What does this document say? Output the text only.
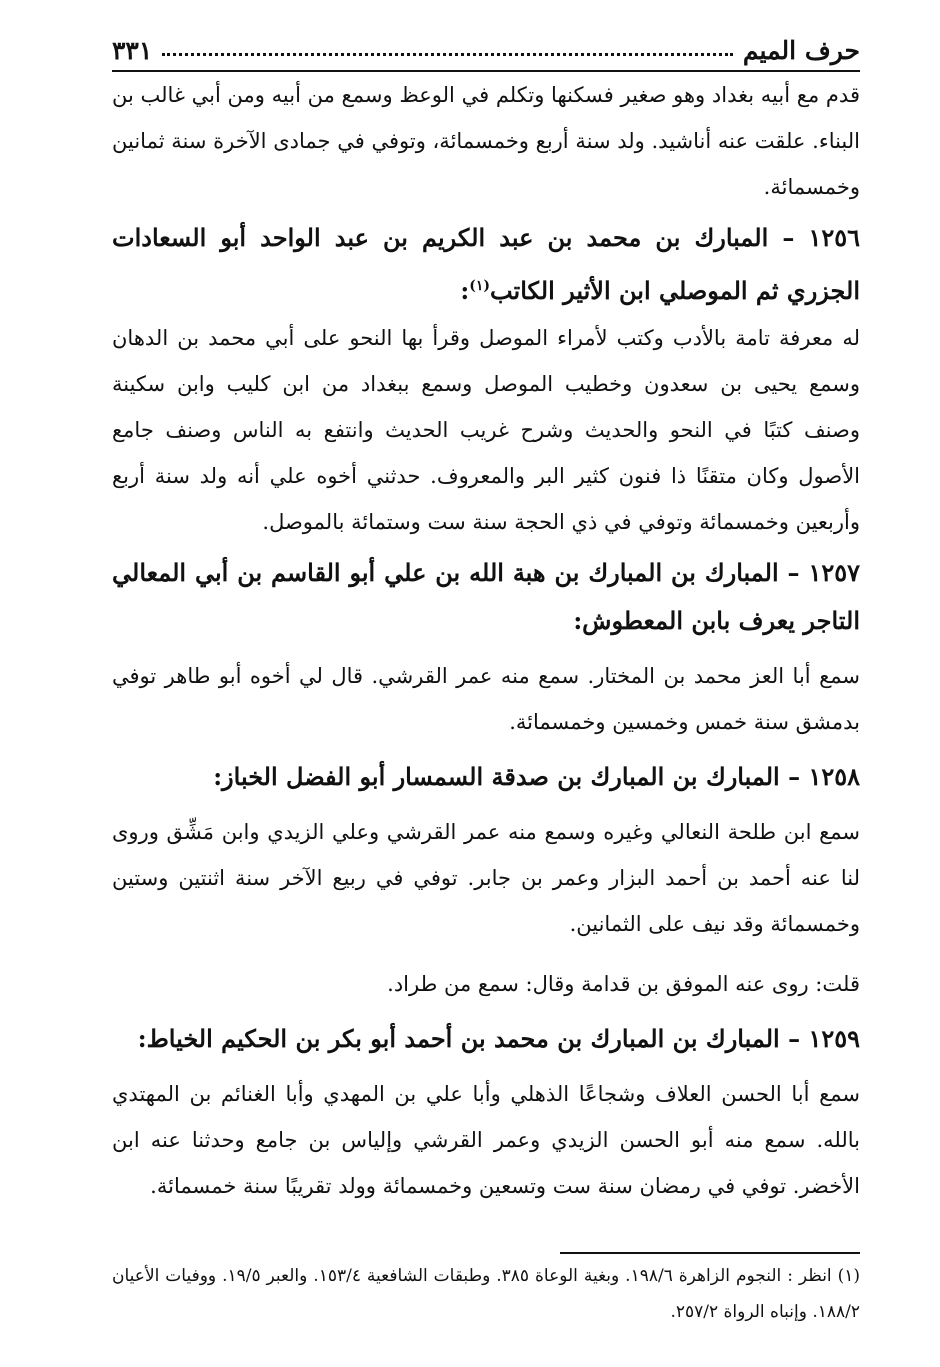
حرف الميم
٣٣١

قدم مع أبيه بغداد وهو صغير فسكنها وتكلم في الوعظ وسمع من أبيه ومن أبي غالب بن البناء. علقت عنه أناشيد. ولد سنة أربع وخمسمائة، وتوفي في جمادى الآخرة سنة ثمانين وخمسمائة.

١٢٥٦ – المبارك بن محمد بن عبد الكريم بن عبد الواحد أبو السعادات الجزري ثم الموصلي ابن الأثير الكاتب$^{(١)}$:

له معرفة تامة بالأدب وكتب لأمراء الموصل وقرأ بها النحو على أبي محمد بن الدهان وسمع يحيى بن سعدون وخطيب الموصل وسمع ببغداد من ابن كليب وابن سكينة وصنف كتبًا في النحو والحديث وشرح غريب الحديث وانتفع به الناس وصنف جامع الأصول وكان متقنًا ذا فنون كثير البر والمعروف. حدثني أخوه علي أنه ولد سنة أربع وأربعين وخمسمائة وتوفي في ذي الحجة سنة ست وستمائة بالموصل.

١٢٥٧ – المبارك بن المبارك بن هبة الله بن علي أبو القاسم بن أبي المعالي التاجر يعرف بابن المعطوش:

سمع أبا العز محمد بن المختار. سمع منه عمر القرشي. قال لي أخوه أبو طاهر توفي بدمشق سنة خمس وخمسين وخمسمائة.

١٢٥٨ – المبارك بن المبارك بن صدقة السمسار أبو الفضل الخباز:

سمع ابن طلحة النعالي وغيره وسمع منه عمر القرشي وعلي الزيدي وابن مَشِّق وروى لنا عنه أحمد بن أحمد البزار وعمر بن جابر. توفي في ربيع الآخر سنة اثنتين وستين وخمسمائة وقد نيف على الثمانين.

قلت: روى عنه الموفق بن قدامة وقال: سمع من طراد.

١٢٥٩ – المبارك بن المبارك بن محمد بن أحمد أبو بكر بن الحكيم الخياط:

سمع أبا الحسن العلاف وشجاعًا الذهلي وأبا علي بن المهدي وأبا الغنائم بن المهتدي بالله. سمع منه أبو الحسن الزيدي وعمر القرشي وإلياس بن جامع وحدثنا عنه ابن الأخضر. توفي في رمضان سنة ست وتسعين وخمسمائة وولد تقريبًا سنة خمسمائة.

(١) انظر : النجوم الزاهرة ١٩٨/٦. وبغية الوعاة ٣٨٥. وطبقات الشافعية ١٥٣/٤. والعبر ١٩/٥. ووفيات الأعيان ١٨٨/٢. وإنباه الرواة ٢٥٧/٢.
